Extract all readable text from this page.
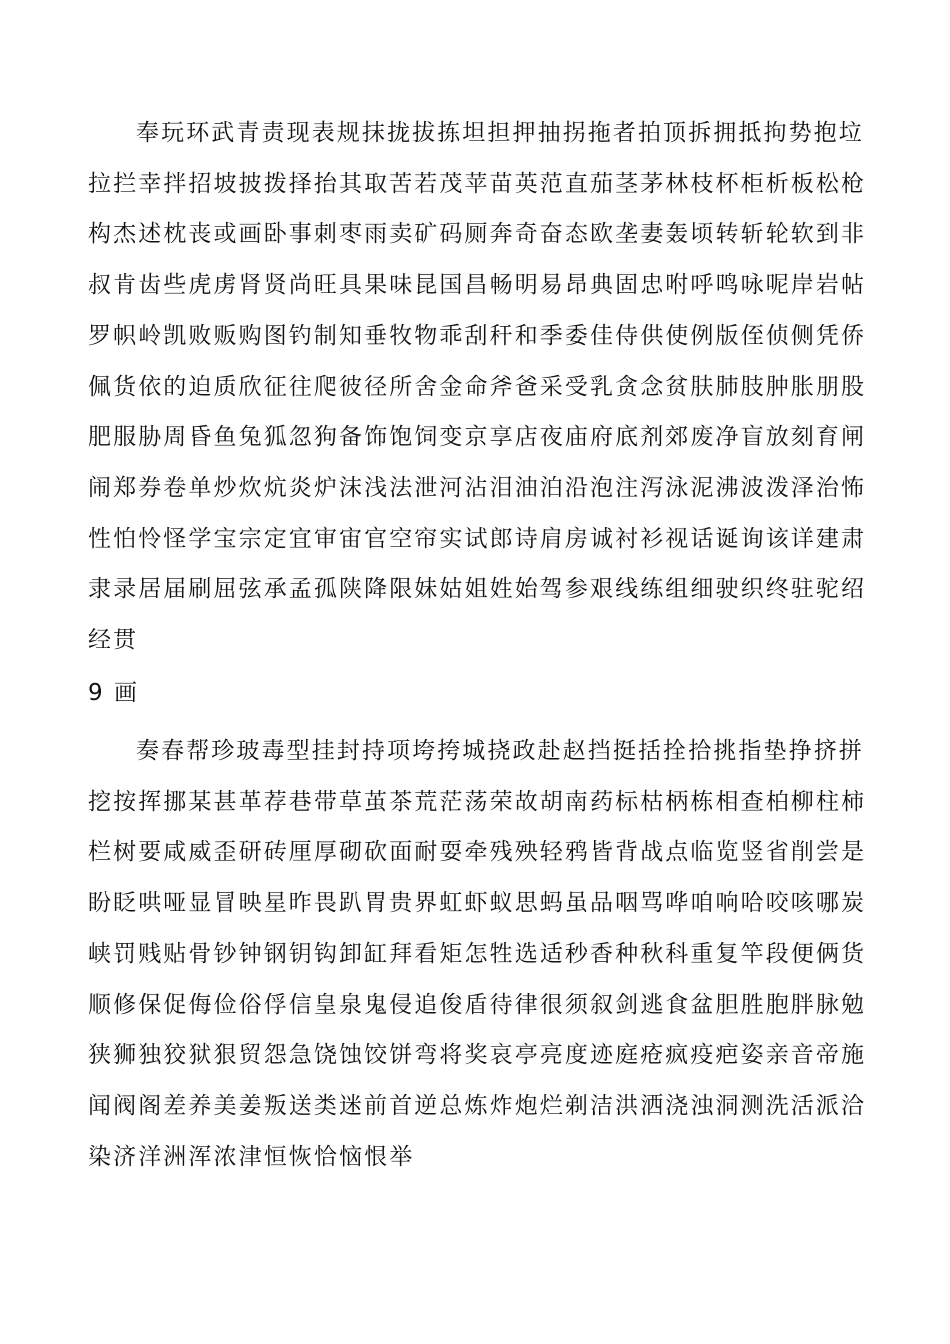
奉玩环武青责现表规抹拢拔拣坦担押抽拐拖者拍顶拆拥抵拘势抱垃拉拦幸拌招坡披拨择抬其取苦若茂苹苗英范直茄茎茅林枝杯柜析板松枪构杰述枕丧或画卧事刺枣雨卖矿码厕奔奇奋态欧垄妻轰顷转斩轮软到非叔肯齿些虎虏肾贤尚旺具果味昆国昌畅明易昂典固忠咐呼鸣咏呢岸岩帖罗帜岭凯败贩购图钓制知垂牧物乖刮秆和季委佳侍供使例版侄侦侧凭侨佩货依的迫质欣征往爬彼径所舍金命斧爸采受乳贪念贫肤肺肢肿胀朋股肥服胁周昏鱼兔狐忽狗备饰饱饲变京享店夜庙府底剂郊废净盲放刻育闸闹郑券卷单炒炊炕炎炉沫浅法泄河沾泪油泊沿泡注泻泳泥沸波泼泽治怖性怕怜怪学宝宗定宜审宙官空帘实试郎诗肩房诚衬衫视话诞询该详建肃隶录居届刷屈弦承孟孤陕降限妹姑姐姓始驾参艰线练组细驶织终驻驼绍经贯

9 画

奏春帮珍玻毒型挂封持项垮挎城挠政赴赵挡挺括拴拾挑指垫挣挤拼挖按挥挪某甚革荐巷带草茧茶荒茫荡荣故胡南药标枯柄栋相查柏柳柱柿栏树要咸威歪研砖厘厚砌砍面耐耍牵残殃轻鸦皆背战点临览竖省削尝是盼眨哄哑显冒映星昨畏趴胃贵界虹虾蚁思蚂虽品咽骂哗咱响哈咬咳哪炭峡罚贱贴骨钞钟钢钥钩卸缸拜看矩怎牲选适秒香种秋科重复竿段便俩货顺修保促侮俭俗俘信皇泉鬼侵追俊盾待律很须叙剑逃食盆胆胜胞胖脉勉狭狮独狡狱狠贸怨急饶蚀饺饼弯将奖哀亭亮度迹庭疮疯疫疤姿亲音帝施闻阀阁差养美姜叛送类迷前首逆总炼炸炮烂剃洁洪洒浇浊洞测洗活派洽染济洋洲浑浓津恒恢恰恼恨举
